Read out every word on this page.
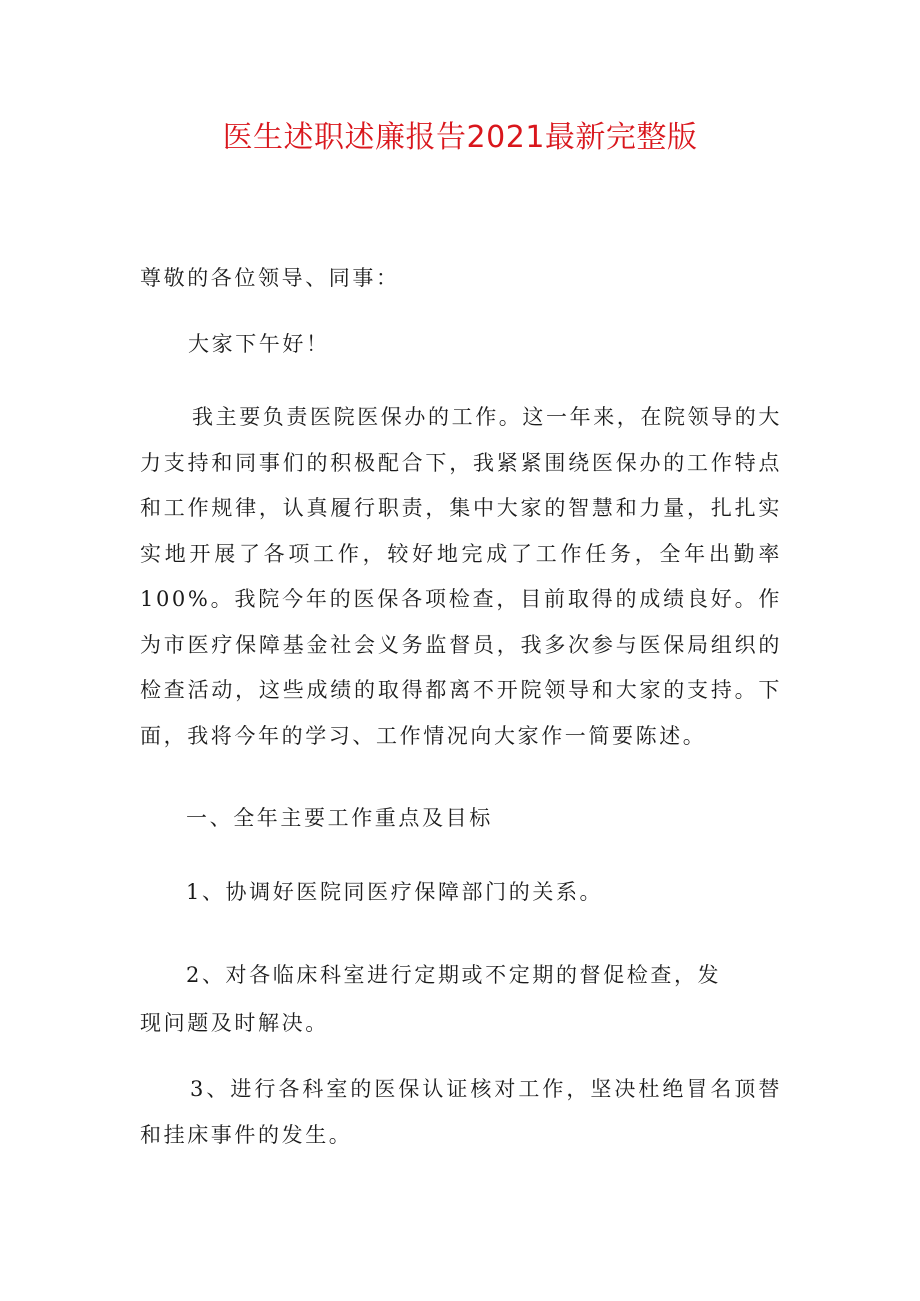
医生述职述廉报告2021最新完整版

尊敬的各位领导、同事：

大家下午好！

我主要负责医院医保办的工作。这一年来，在院领导的大力支持和同事们的积极配合下，我紧紧围绕医保办的工作特点和工作规律，认真履行职责，集中大家的智慧和力量，扎扎实实地开展了各项工作，较好地完成了工作任务，全年出勤率100%。我院今年的医保各项检查，目前取得的成绩良好。作为市医疗保障基金社会义务监督员，我多次参与医保局组织的检查活动，这些成绩的取得都离不开院领导和大家的支持。下面，我将今年的学习、工作情况向大家作一简要陈述。

一、全年主要工作重点及目标

1、协调好医院同医疗保障部门的关系。

2、对各临床科室进行定期或不定期的督促检查，发
现问题及时解决。

3、进行各科室的医保认证核对工作，坚决杜绝冒名顶替和挂床事件的发生。
